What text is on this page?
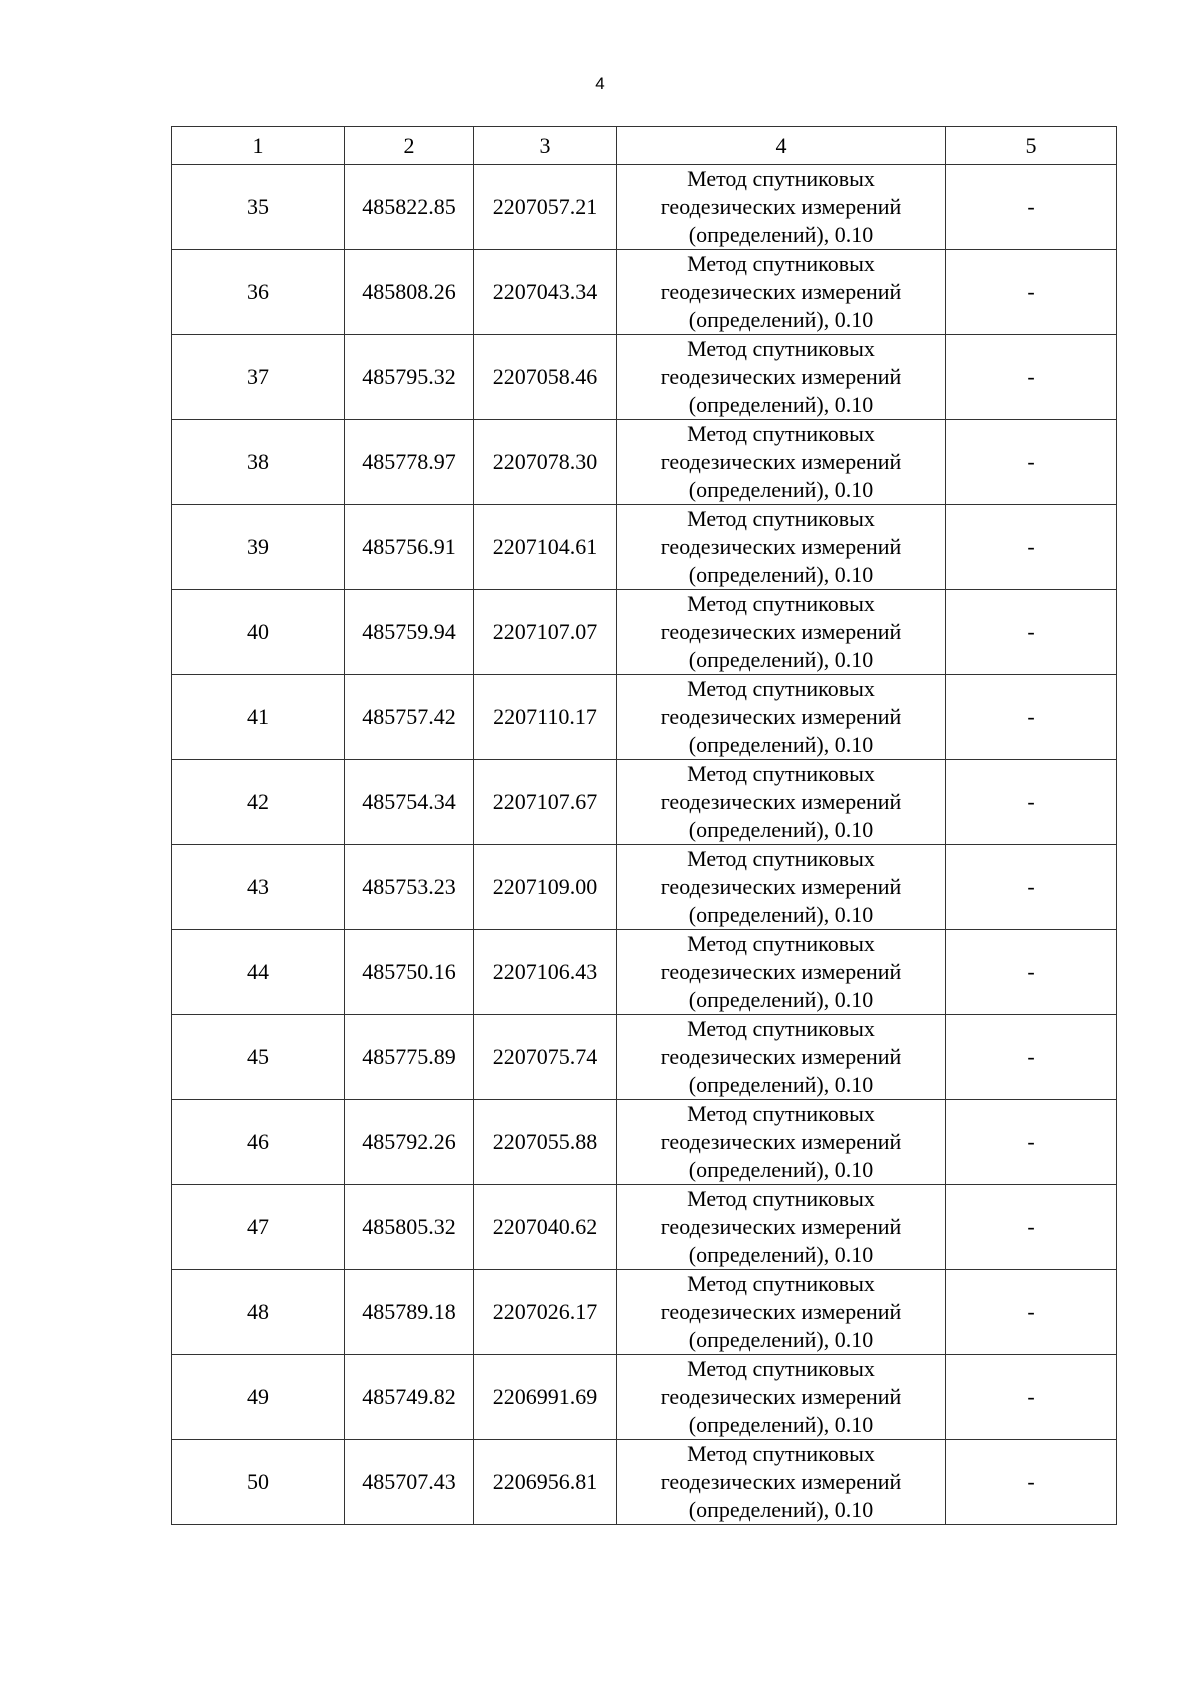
4
1	2	3	4	5
35	485822.85	2207057.21	Метод спутниковых геодезических измерений (определений), 0.10	-
36	485808.26	2207043.34	Метод спутниковых геодезических измерений (определений), 0.10	-
37	485795.32	2207058.46	Метод спутниковых геодезических измерений (определений), 0.10	-
38	485778.97	2207078.30	Метод спутниковых геодезических измерений (определений), 0.10	-
39	485756.91	2207104.61	Метод спутниковых геодезических измерений (определений), 0.10	-
40	485759.94	2207107.07	Метод спутниковых геодезических измерений (определений), 0.10	-
41	485757.42	2207110.17	Метод спутниковых геодезических измерений (определений), 0.10	-
42	485754.34	2207107.67	Метод спутниковых геодезических измерений (определений), 0.10	-
43	485753.23	2207109.00	Метод спутниковых геодезических измерений (определений), 0.10	-
44	485750.16	2207106.43	Метод спутниковых геодезических измерений (определений), 0.10	-
45	485775.89	2207075.74	Метод спутниковых геодезических измерений (определений), 0.10	-
46	485792.26	2207055.88	Метод спутниковых геодезических измерений (определений), 0.10	-
47	485805.32	2207040.62	Метод спутниковых геодезических измерений (определений), 0.10	-
48	485789.18	2207026.17	Метод спутниковых геодезических измерений (определений), 0.10	-
49	485749.82	2206991.69	Метод спутниковых геодезических измерений (определений), 0.10	-
50	485707.43	2206956.81	Метод спутниковых геодезических измерений (определений), 0.10	-
